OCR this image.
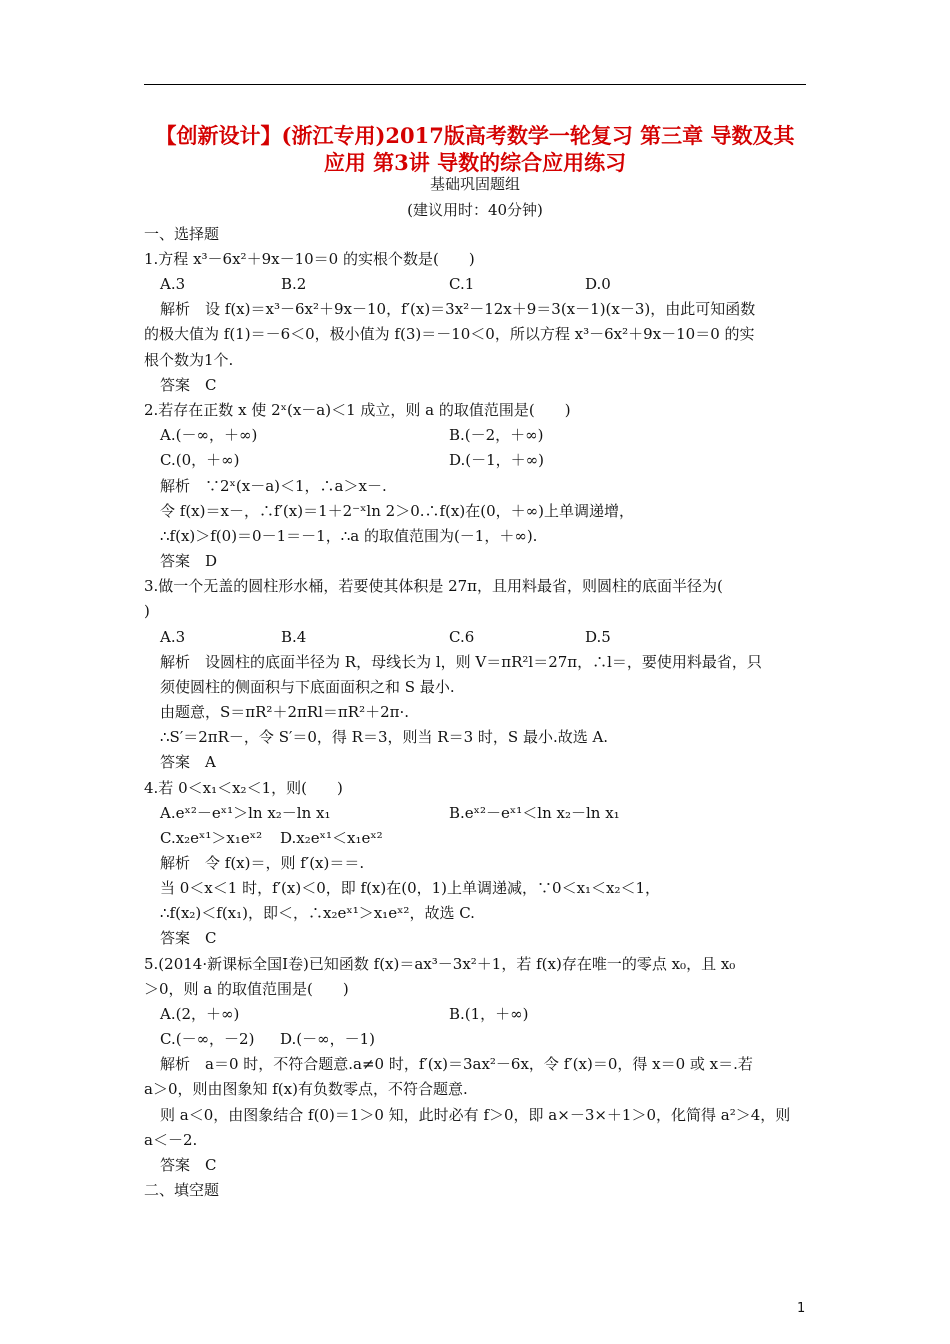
【创新设计】(浙江专用)2017版高考数学一轮复习 第三章 导数及其
应用 第3讲 导数的综合应用练习
基础巩固题组
(建议用时：40分钟)
一、选择题
1.方程 x³－6x²＋9x－10＝0 的实根个数是(　　)
A.3	B.2	C.1	D.0
解析　设 f(x)＝x³－6x²＋9x－10，f′(x)＝3x²－12x＋9＝3(x－1)(x－3)，由此可知函数
的极大值为 f(1)＝－6＜0，极小值为 f(3)＝－10＜0，所以方程 x³－6x²＋9x－10＝0 的实
根个数为1个.
答案　C
2.若存在正数 x 使 2ˣ(x－a)＜1 成立，则 a 的取值范围是(　　)
A.(－∞，＋∞)	B.(－2，＋∞)
C.(0，＋∞)	D.(－1，＋∞)
解析　∵2ˣ(x－a)＜1，∴a＞x－.
令 f(x)＝x－，∴f′(x)＝1＋2⁻ˣln 2＞0.∴f(x)在(0，＋∞)上单调递增，
∴f(x)＞f(0)＝0－1＝－1，∴a 的取值范围为(－1，＋∞).
答案　D
3.做一个无盖的圆柱形水桶，若要使其体积是 27π，且用料最省，则圆柱的底面半径为(
)
A.3	B.4	C.6	D.5
解析　设圆柱的底面半径为 R，母线长为 l，则 V＝πR²l＝27π，∴l＝，要使用料最省，只
须使圆柱的侧面积与下底面面积之和 S 最小.
由题意，S＝πR²＋2πRl＝πR²＋2π·.
∴S′＝2πR－，令 S′＝0，得 R＝3，则当 R＝3 时，S 最小.故选 A.
答案　A
4.若 0＜x₁＜x₂＜1，则(　　)
A.eˣ²－eˣ¹＞ln x₂－ln x₁	B.eˣ²－eˣ¹＜ln x₂－ln x₁
C.x₂eˣ¹＞x₁eˣ² D.x₂eˣ¹＜x₁eˣ²
解析　令 f(x)＝，则 f′(x)＝＝.
当 0＜x＜1 时，f′(x)＜0，即 f(x)在(0，1)上单调递减，∵0＜x₁＜x₂＜1，
∴f(x₂)＜f(x₁)，即＜，∴x₂eˣ¹＞x₁eˣ²，故选 C.
答案　C
5.(2014·新课标全国Ⅰ卷)已知函数 f(x)＝ax³－3x²＋1，若 f(x)存在唯一的零点 x₀，且 x₀
＞0，则 a 的取值范围是(　　)
A.(2，＋∞)	B.(1，＋∞)
C.(－∞，－2) D.(－∞，－1)
解析　a＝0 时，不符合题意.a≠0 时，f′(x)＝3ax²－6x，令 f′(x)＝0，得 x＝0 或 x＝.若
a＞0，则由图象知 f(x)有负数零点，不符合题意.
则 a＜0，由图象结合 f(0)＝1＞0 知，此时必有 f＞0，即 a×－3×＋1＞0，化简得 a²＞4，则
a＜－2.
答案　C
二、填空题
1
